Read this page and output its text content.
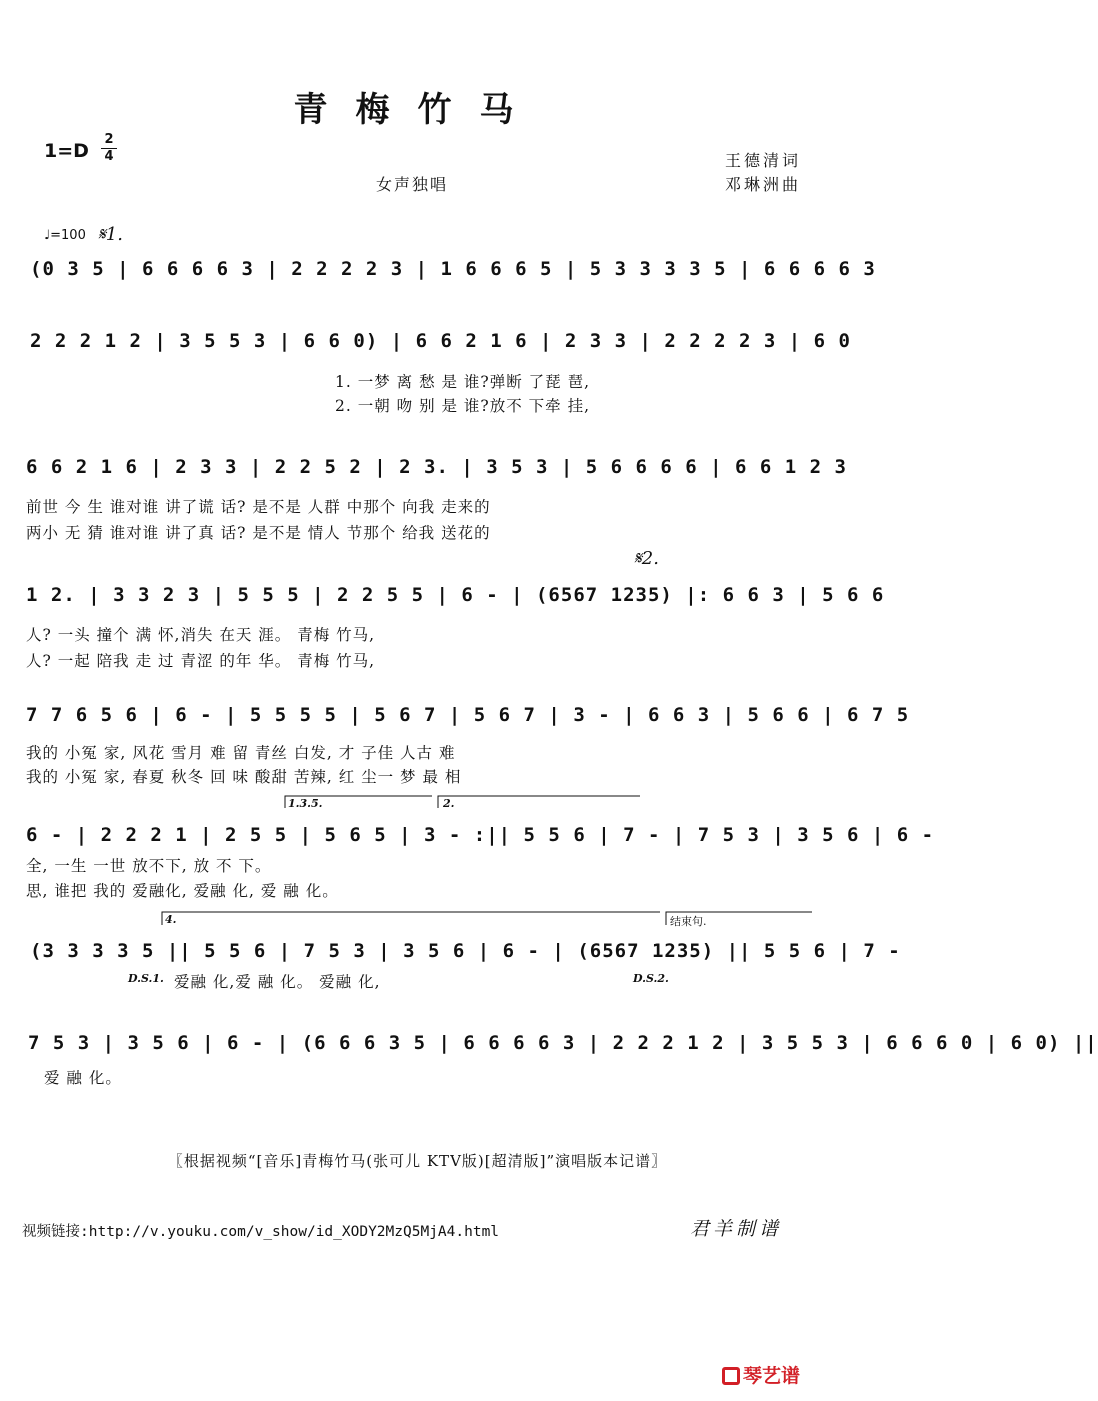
青梅竹马
1=D
2
4	王德清词
邓琳洲曲
女声独唱
♩=100 𝄋1.
(0 3 5 | 6 6 6 6 3 | 2 2 2 2 3 | 1 6 6 6 5 | 5 3 3 3 3 5 | 6 6 6 6 3
2 2 2 1 2 | 3 5 5 3 | 6 6 0) | 6 6 2 1 6 | 2 3 3 | 2 2 2 2 3 | 6 0
1. 一梦 离 愁 是 谁?弹断 了琵 琶,
2. 一朝 吻 别 是 谁?放不 下牵 挂,
6 6 2 1 6 | 2 3 3 | 2 2 5 2 | 2 3. | 3 5 3 | 5 6 6 6 6 | 6 6 1 2 3
前世 今 生 谁对谁 讲了谎 话? 是不是 人群 中那个 向我 走来的
两小 无 猜 谁对谁 讲了真 话? 是不是 情人 节那个 给我 送花的
𝄋2.
1 2. | 3 3 2 3 | 5 5 5 | 2 2 5 5 | 6 - | (6567 1235) |: 6 6 3 | 5 6 6
人? 一头 撞个 满 怀,消失 在天 涯。 青梅 竹马,
人? 一起 陪我 走 过 青涩 的年 华。 青梅 竹马,
7 7 6 5 6 | 6 - | 5 5 5 5 | 5 6 7 | 5 6 7 | 3 - | 6 6 3 | 5 6 6 | 6 7 5
我的 小冤 家, 风花 雪月 难 留 青丝 白发, 才 子佳 人古 难
我的 小冤 家, 春夏 秋冬 回 味 酸甜 苦辣, 红 尘一 梦 最 相
1.3.5.	2.
6 - | 2 2 2 1 | 2 5 5 | 5 6 5 | 3 - :|| 5 5 6 | 7 - | 7 5 3 | 3 5 6 | 6 -
全, 一生 一世 放不下, 放 不 下。
思, 谁把 我的 爱融化, 爱融 化, 爱 融 化。
4.	结束句.
(3 3 3 3 5 || 5 5 6 | 7 5 3 | 3 5 6 | 6 - | (6567 1235) || 5 5 6 | 7 -
D.S.1.	D.S.2.
爱融 化,爱 融 化。 爱融 化,
7 5 3 | 3 5 6 | 6 - | (6 6 6 3 5 | 6 6 6 6 3 | 2 2 2 1 2 | 3 5 5 3 | 6 6 6 0 | 6 0) ||
爱 融 化。
〖根据视频“[音乐]青梅竹马(张可儿 KTV版)[超清版]”演唱版本记谱〗
视频链接:http://v.youku.com/v_show/id_XODY2MzQ5MjA4.html	君羊制谱
琴艺谱
